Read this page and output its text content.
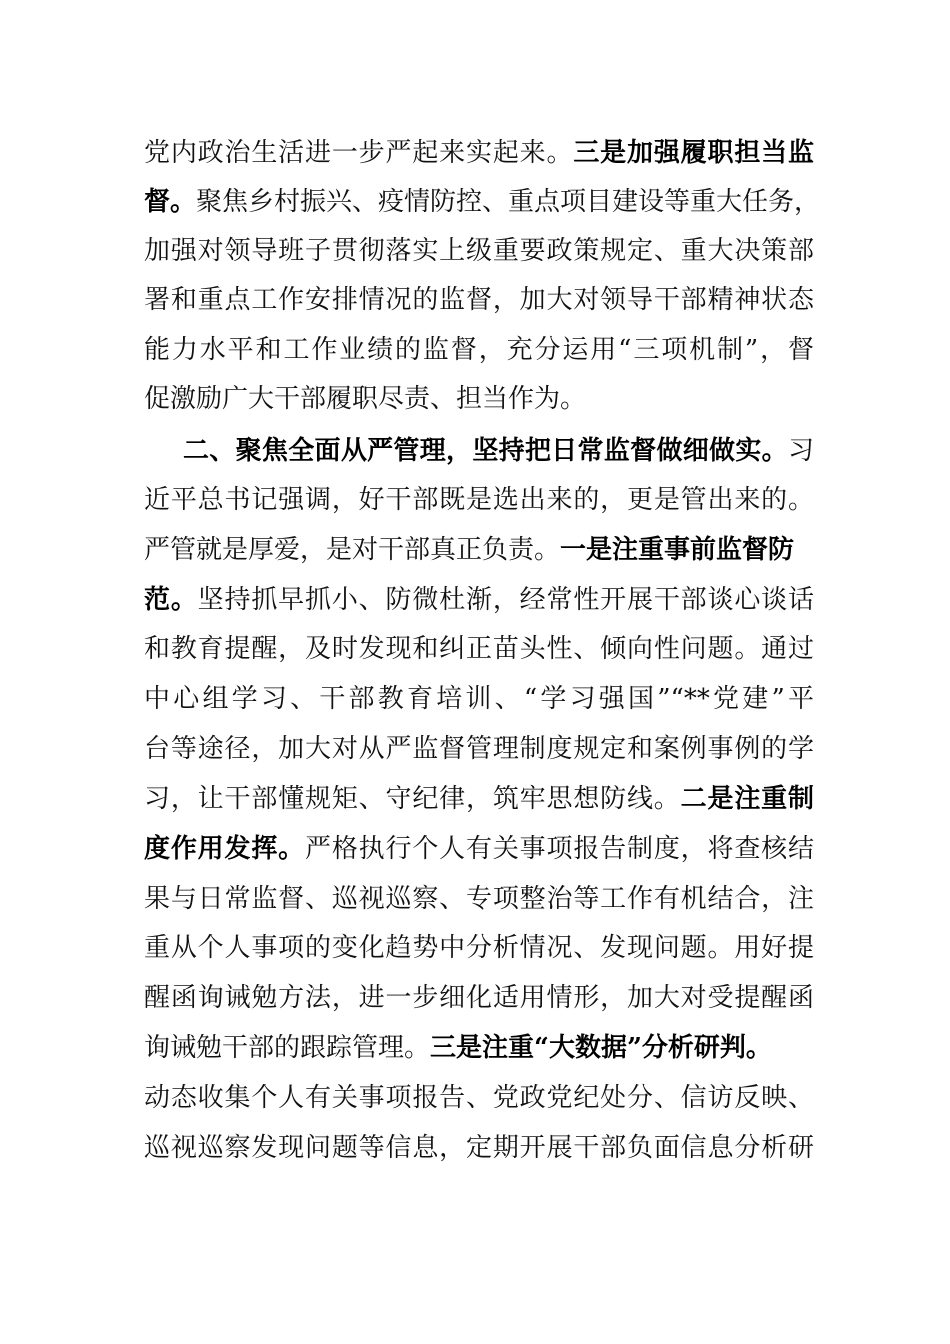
党内政治生活进一步严起来实起来。三是加强履职担当监
督。聚焦乡村振兴、疫情防控、重点项目建设等重大任务，
加强对领导班子贯彻落实上级重要政策规定、重大决策部
署和重点工作安排情况的监督，加大对领导干部精神状态
能力水平和工作业绩的监督，充分运用“三项机制”，督
促激励广大干部履职尽责、担当作为。
二、聚焦全面从严管理，坚持把日常监督做细做实。习
近平总书记强调，好干部既是选出来的，更是管出来的。
严管就是厚爱，是对干部真正负责。一是注重事前监督防
范。坚持抓早抓小、防微杜渐，经常性开展干部谈心谈话
和教育提醒，及时发现和纠正苗头性、倾向性问题。通过
中心组学习、干部教育培训、“学习强国”“**党建”平
台等途径，加大对从严监督管理制度规定和案例事例的学
习，让干部懂规矩、守纪律，筑牢思想防线。二是注重制
度作用发挥。严格执行个人有关事项报告制度，将查核结
果与日常监督、巡视巡察、专项整治等工作有机结合，注
重从个人事项的变化趋势中分析情况、发现问题。用好提
醒函询诫勉方法，进一步细化适用情形，加大对受提醒函
询诫勉干部的跟踪管理。三是注重“大数据”分析研判。
动态收集个人有关事项报告、党政党纪处分、信访反映、
巡视巡察发现问题等信息，定期开展干部负面信息分析研
